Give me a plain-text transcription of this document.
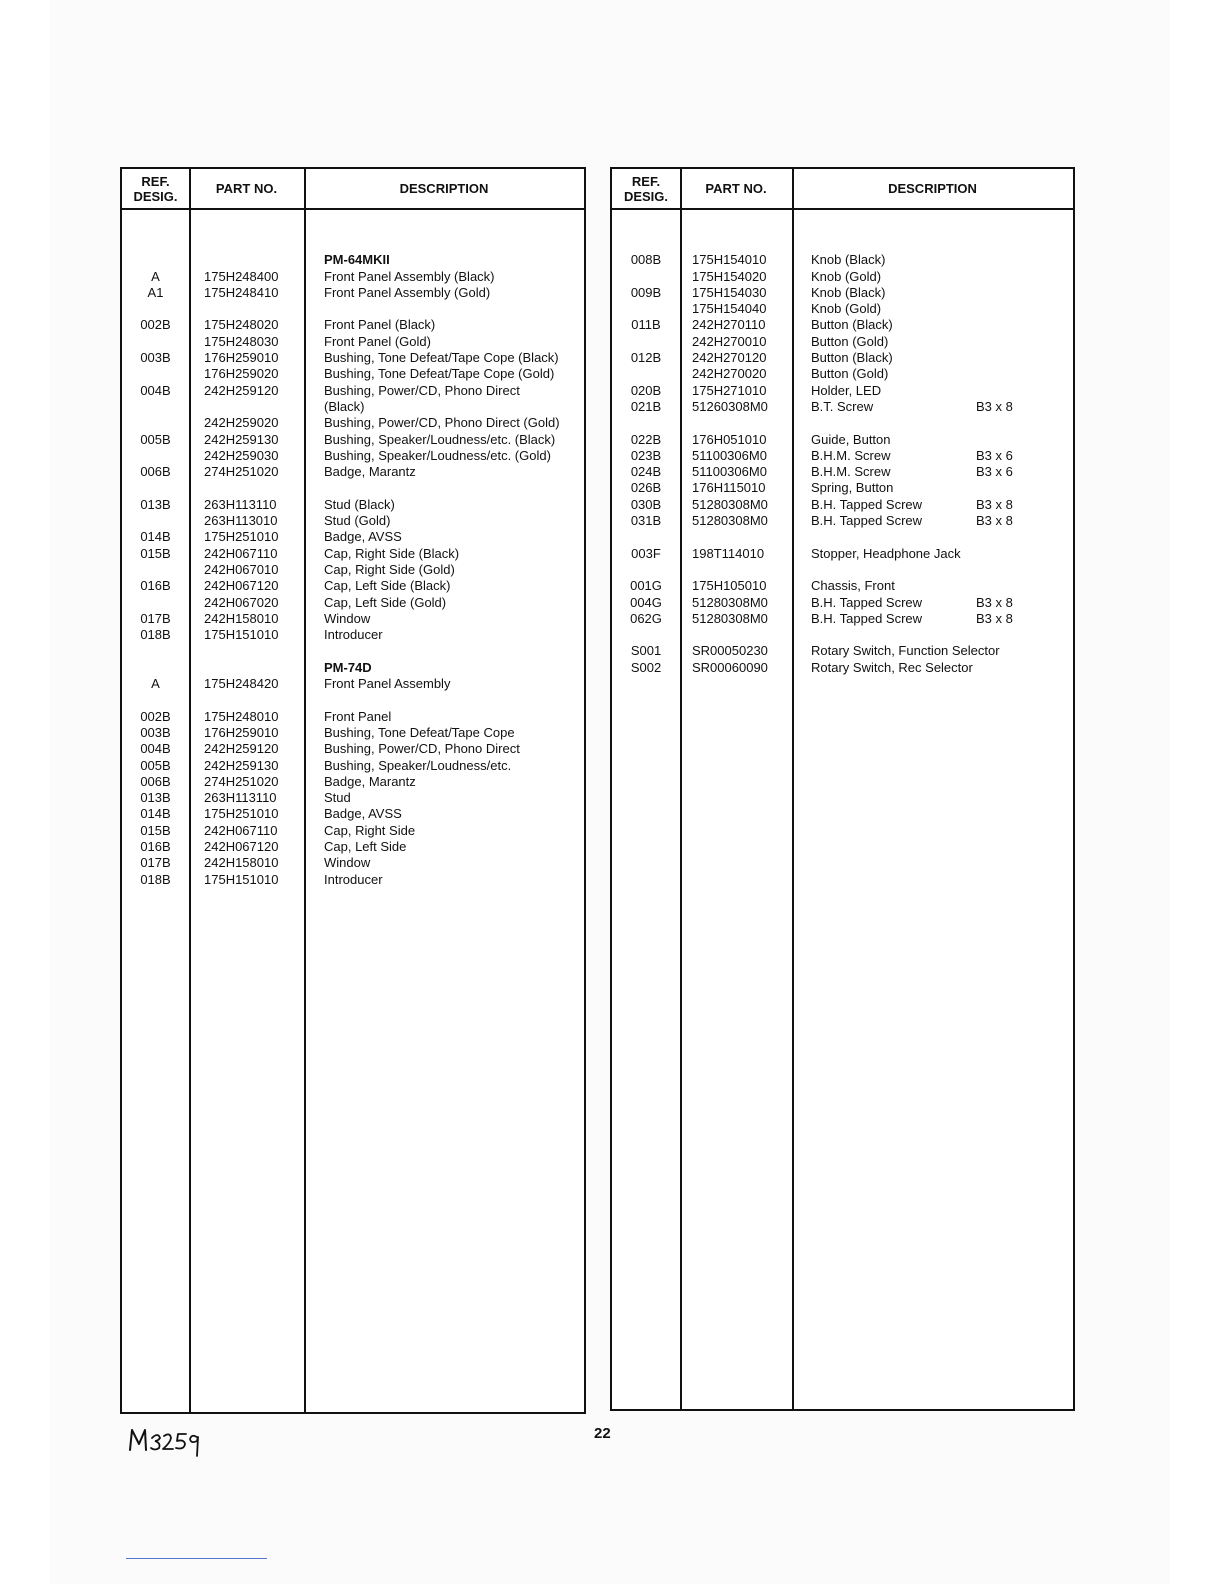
REF.
DESIG.	PART NO.	DESCRIPTION
PM-64MKII
A	175H248400	Front Panel Assembly (Black)
A1	175H248410	Front Panel Assembly (Gold)
002B	175H248020	Front Panel (Black)
175H248030	Front Panel (Gold)
003B	176H259010	Bushing, Tone Defeat/Tape Cope (Black)
176H259020	Bushing, Tone Defeat/Tape Cope (Gold)
004B	242H259120	Bushing, Power/CD, Phono Direct
(Black)
242H259020	Bushing, Power/CD, Phono Direct (Gold)
005B	242H259130	Bushing, Speaker/Loudness/etc. (Black)
242H259030	Bushing, Speaker/Loudness/etc. (Gold)
006B	274H251020	Badge, Marantz
013B	263H113110	Stud (Black)
263H113010	Stud (Gold)
014B	175H251010	Badge, AVSS
015B	242H067110	Cap, Right Side (Black)
242H067010	Cap, Right Side (Gold)
016B	242H067120	Cap, Left Side (Black)
242H067020	Cap, Left Side (Gold)
017B	242H158010	Window
018B	175H151010	Introducer
PM-74D
A	175H248420	Front Panel Assembly
002B	175H248010	Front Panel
003B	176H259010	Bushing, Tone Defeat/Tape Cope
004B	242H259120	Bushing, Power/CD, Phono Direct
005B	242H259130	Bushing, Speaker/Loudness/etc.
006B	274H251020	Badge, Marantz
013B	263H113110	Stud
014B	175H251010	Badge, AVSS
015B	242H067110	Cap, Right Side
016B	242H067120	Cap, Left Side
017B	242H158010	Window
018B	175H151010	Introducer
REF.
DESIG.	PART NO.	DESCRIPTION
008B	175H154010	Knob (Black)
175H154020	Knob (Gold)
009B	175H154030	Knob (Black)
175H154040	Knob (Gold)
011B	242H270110	Button (Black)
242H270010	Button (Gold)
012B	242H270120	Button (Black)
242H270020	Button (Gold)
020B	175H271010	Holder, LED
021B	51260308M0	B.T. Screw	B3 x 8
022B	176H051010	Guide, Button
023B	51100306M0	B.H.M. Screw	B3 x 6
024B	51100306M0	B.H.M. Screw	B3 x 6
026B	176H115010	Spring, Button
030B	51280308M0	B.H. Tapped Screw	B3 x 8
031B	51280308M0	B.H. Tapped Screw	B3 x 8
003F	198T114010	Stopper, Headphone Jack
001G	175H105010	Chassis, Front
004G	51280308M0	B.H. Tapped Screw	B3 x 8
062G	51280308M0	B.H. Tapped Screw	B3 x 8
S001	SR00050230	Rotary Switch, Function Selector
S002	SR00060090	Rotary Switch, Rec Selector
22
